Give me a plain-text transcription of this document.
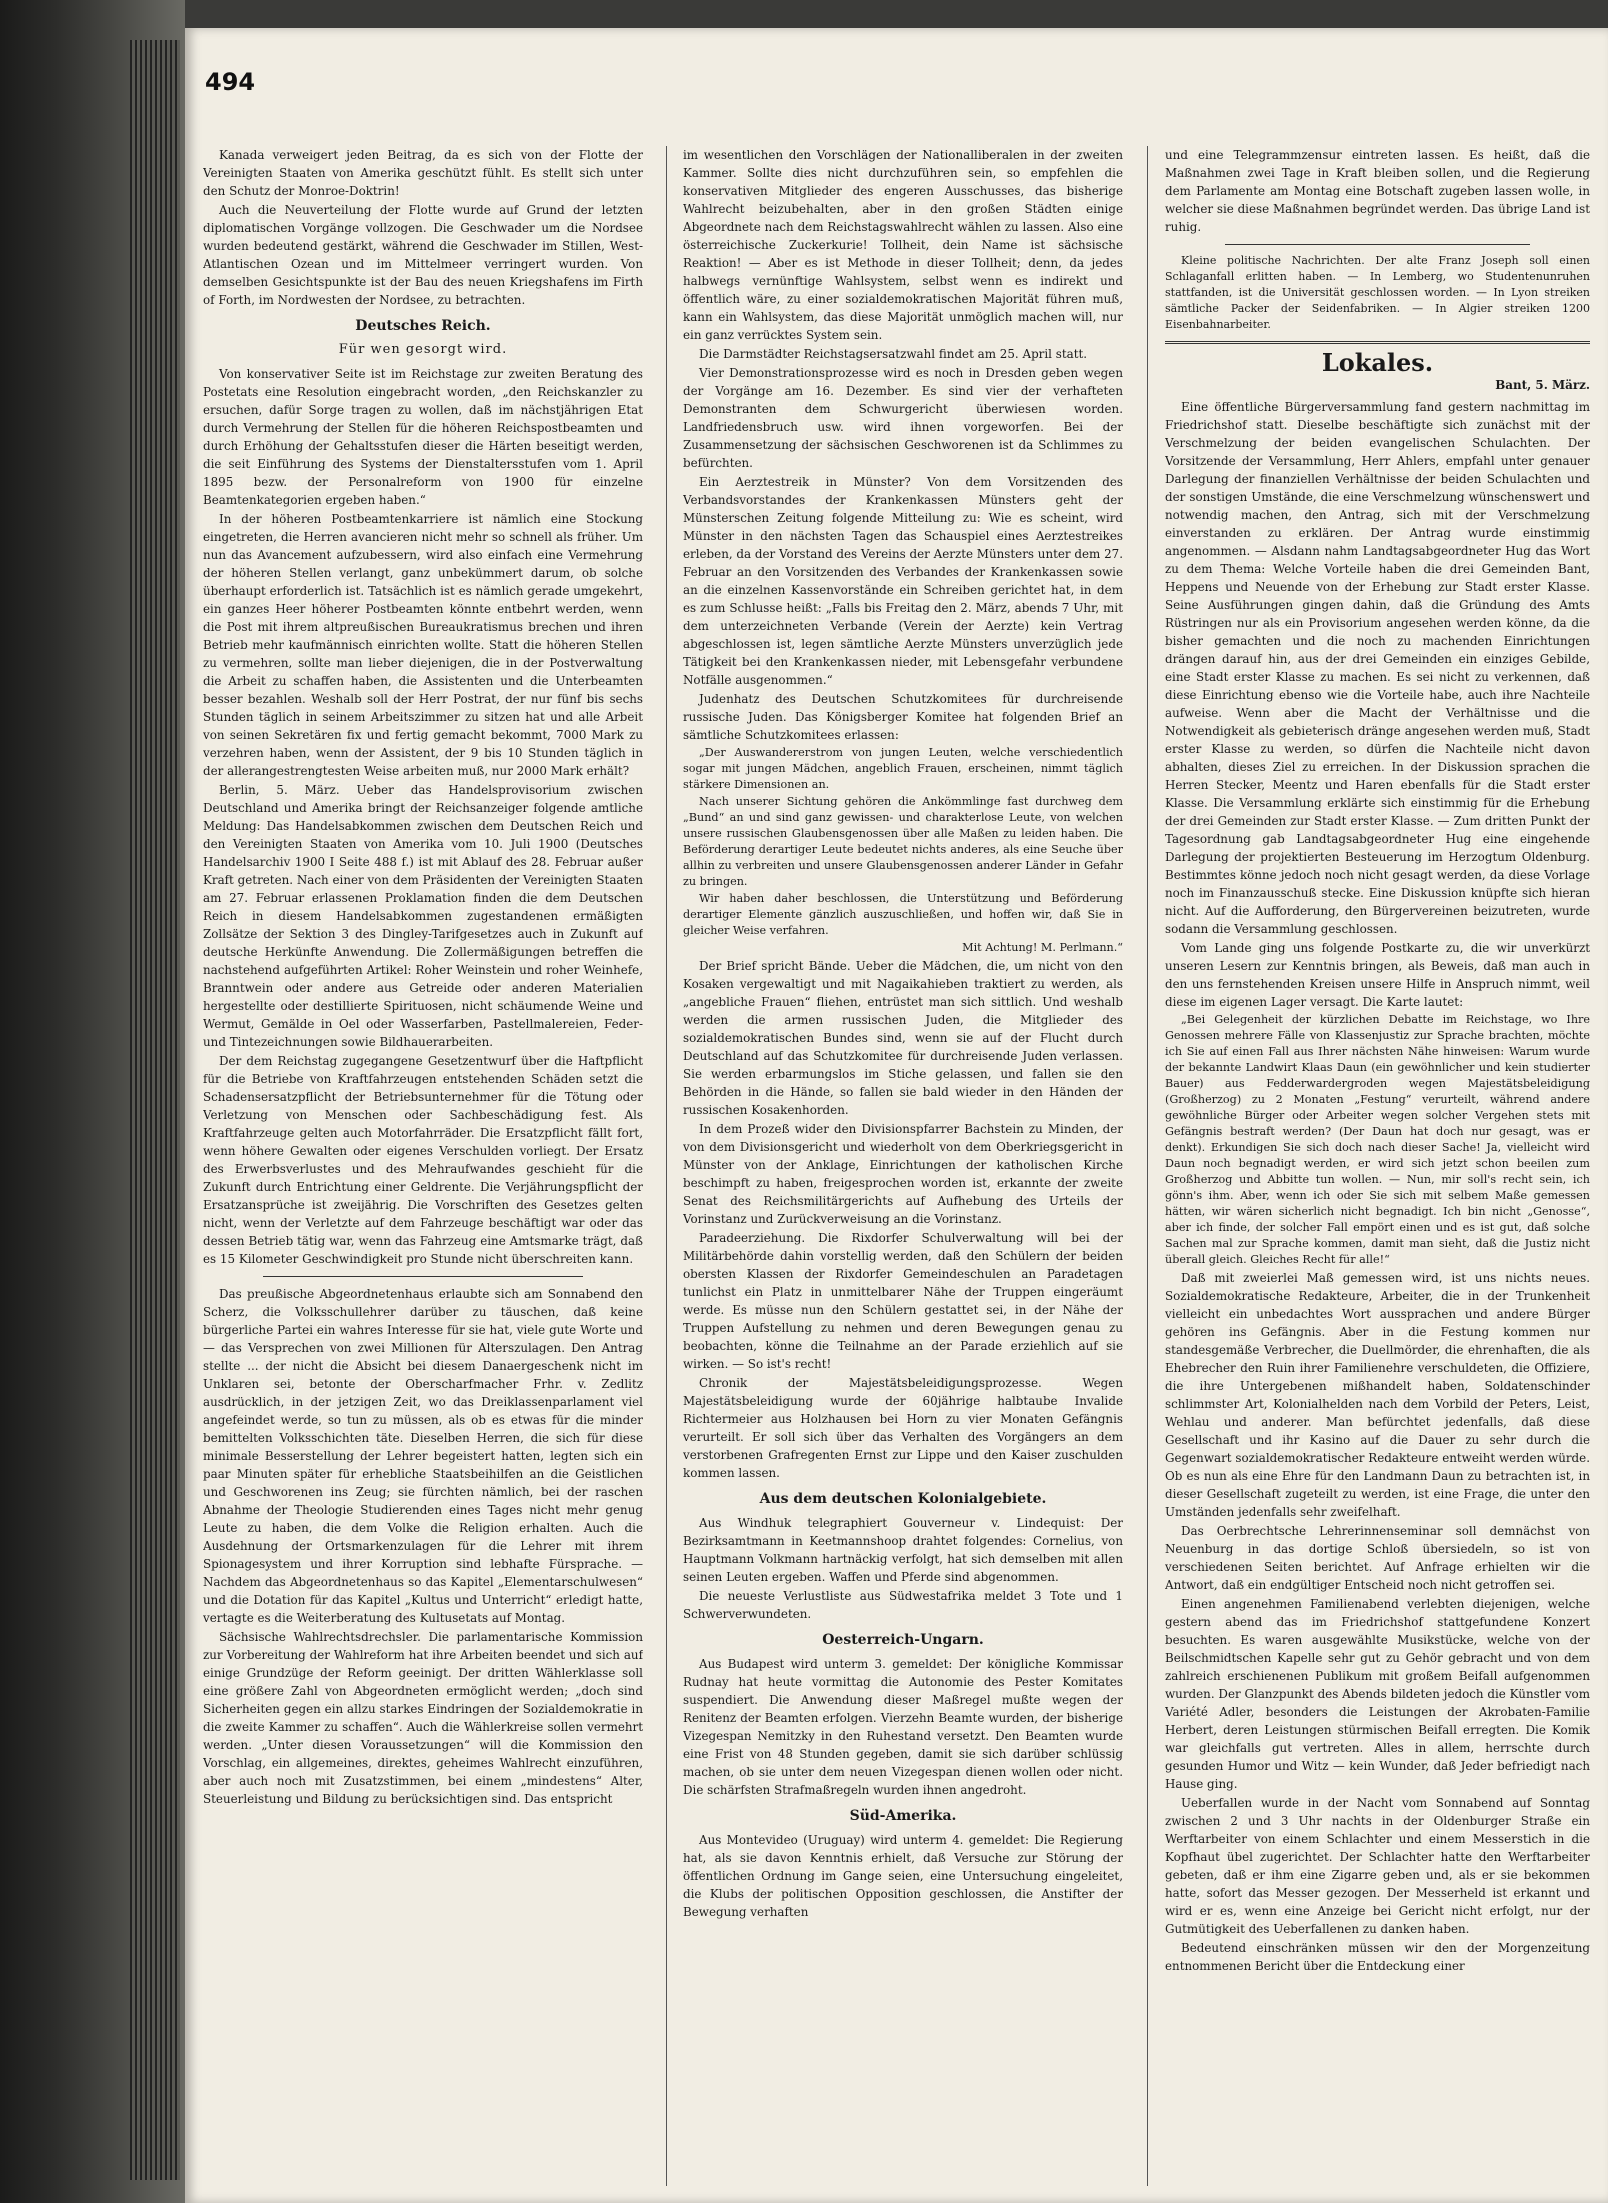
494

Kanada verweigert jeden Beitrag, da es sich von der Flotte der Vereinigten Staaten von Amerika geschützt fühlt. Es stellt sich unter den Schutz der Monroe-Doktrin!

Auch die Neuverteilung der Flotte wurde auf Grund der letzten diplomatischen Vorgänge vollzogen. Die Geschwader um die Nordsee wurden bedeutend gestärkt, während die Geschwader im Stillen, West-Atlantischen Ozean und im Mittelmeer verringert wurden. Von demselben Gesichtspunkte ist der Bau des neuen Kriegshafens im Firth of Forth, im Nordwesten der Nordsee, zu betrachten.

Deutsches Reich.
Für wen gesorgt wird.

Von konservativer Seite ist im Reichstage zur zweiten Beratung des Postetats eine Resolution eingebracht worden, „den Reichskanzler zu ersuchen, dafür Sorge tragen zu wollen, daß im nächstjährigen Etat durch Vermehrung der Stellen für die höheren Reichspostbeamten und durch Erhöhung der Gehaltsstufen dieser die Härten beseitigt werden, die seit Einführung des Systems der Dienstaltersstufen vom 1. April 1895 bezw. der Personalreform von 1900 für einzelne Beamtenkategorien ergeben haben.“

In der höheren Postbeamtenkarriere ist nämlich eine Stockung eingetreten, die Herren avancieren nicht mehr so schnell als früher. Um nun das Avancement aufzubessern, wird also einfach eine Vermehrung der höheren Stellen verlangt, ganz unbekümmert darum, ob solche überhaupt erforderlich ist. Tatsächlich ist es nämlich gerade umgekehrt, ein ganzes Heer höherer Postbeamten könnte entbehrt werden, wenn die Post mit ihrem altpreußischen Bureaukratismus brechen und ihren Betrieb mehr kaufmännisch einrichten wollte. Statt die höheren Stellen zu vermehren, sollte man lieber diejenigen, die in der Postverwaltung die Arbeit zu schaffen haben, die Assistenten und die Unterbeamten besser bezahlen. Weshalb soll der Herr Postrat, der nur fünf bis sechs Stunden täglich in seinem Arbeitszimmer zu sitzen hat und alle Arbeit von seinen Sekretären fix und fertig gemacht bekommt, 7000 Mark zu verzehren haben, wenn der Assistent, der 9 bis 10 Stunden täglich in der allerangestrengtesten Weise arbeiten muß, nur 2000 Mark erhält?

Berlin, 5. März. Ueber das Handelsprovisorium zwischen Deutschland und Amerika bringt der Reichsanzeiger folgende amtliche Meldung: Das Handelsabkommen zwischen dem Deutschen Reich und den Vereinigten Staaten von Amerika vom 10. Juli 1900 (Deutsches Handelsarchiv 1900 I Seite 488 f.) ist mit Ablauf des 28. Februar außer Kraft getreten. Nach einer von dem Präsidenten der Vereinigten Staaten am 27. Februar erlassenen Proklamation finden die dem Deutschen Reich in diesem Handelsabkommen zugestandenen ermäßigten Zollsätze der Sektion 3 des Dingley-Tarifgesetzes auch in Zukunft auf deutsche Herkünfte Anwendung. Die Zollermäßigungen betreffen die nachstehend aufgeführten Artikel: Roher Weinstein und roher Weinhefe, Branntwein oder andere aus Getreide oder anderen Materialien hergestellte oder destillierte Spirituosen, nicht schäumende Weine und Wermut, Gemälde in Oel oder Wasserfarben, Pastellmalereien, Feder- und Tintezeichnungen sowie Bildhauerarbeiten.

Der dem Reichstag zugegangene Gesetzentwurf über die Haftpflicht für die Betriebe von Kraftfahrzeugen entstehenden Schäden setzt die Schadensersatzpflicht der Betriebsunternehmer für die Tötung oder Verletzung von Menschen oder Sachbeschädigung fest. Als Kraftfahrzeuge gelten auch Motorfahrräder. Die Ersatzpflicht fällt fort, wenn höhere Gewalten oder eigenes Verschulden vorliegt. Der Ersatz des Erwerbsverlustes und des Mehraufwandes geschieht für die Zukunft durch Entrichtung einer Geldrente. Die Verjährungspflicht der Ersatzansprüche ist zweijährig. Die Vorschriften des Gesetzes gelten nicht, wenn der Verletzte auf dem Fahrzeuge beschäftigt war oder das dessen Betrieb tätig war, wenn das Fahrzeug eine Amtsmarke trägt, daß es 15 Kilometer Geschwindigkeit pro Stunde nicht überschreiten kann.

Das preußische Abgeordnetenhaus erlaubte sich am Sonnabend den Scherz, die Volksschullehrer darüber zu täuschen, daß keine bürgerliche Partei ein wahres Interesse für sie hat, viele gute Worte und — das Versprechen von zwei Millionen für Alterszulagen. Den Antrag stellte ... der nicht die Absicht bei diesem Danaergeschenk nicht im Unklaren sei, betonte der Oberscharfmacher Frhr. v. Zedlitz ausdrücklich, in der jetzigen Zeit, wo das Dreiklassenparlament viel angefeindet werde, so tun zu müssen, als ob es etwas für die minder bemittelten Volksschichten täte. Dieselben Herren, die sich für diese minimale Besserstellung der Lehrer begeistert hatten, legten sich ein paar Minuten später für erhebliche Staatsbeihilfen an die Geistlichen und Geschworenen ins Zeug; sie fürchten nämlich, bei der raschen Abnahme der Theologie Studierenden eines Tages nicht mehr genug Leute zu haben, die dem Volke die Religion erhalten. Auch die Ausdehnung der Ortsmarkenzulagen für die Lehrer mit ihrem Spionagesystem und ihrer Korruption sind lebhafte Fürsprache. — Nachdem das Abgeordnetenhaus so das Kapitel „Elementarschulwesen“ und die Dotation für das Kapitel „Kultus und Unterricht“ erledigt hatte, vertagte es die Weiterberatung des Kultusetats auf Montag.

Sächsische Wahlrechtsdrechsler. Die parlamentarische Kommission zur Vorbereitung der Wahlreform hat ihre Arbeiten beendet und sich auf einige Grundzüge der Reform geeinigt. Der dritten Wählerklasse soll eine größere Zahl von Abgeordneten ermöglicht werden; „doch sind Sicherheiten gegen ein allzu starkes Eindringen der Sozialdemokratie in die zweite Kammer zu schaffen“. Auch die Wählerkreise sollen vermehrt werden. „Unter diesen Voraussetzungen“ will die Kommission den Vorschlag, ein allgemeines, direktes, geheimes Wahlrecht einzuführen, aber auch noch mit Zusatzstimmen, bei einem „mindestens“ Alter, Steuerleistung und Bildung zu berücksichtigen sind. Das entspricht

im wesentlichen den Vorschlägen der Nationalliberalen in der zweiten Kammer. Sollte dies nicht durchzuführen sein, so empfehlen die konservativen Mitglieder des engeren Ausschusses, das bisherige Wahlrecht beizubehalten, aber in den großen Städten einige Abgeordnete nach dem Reichstagswahlrecht wählen zu lassen. Also eine österreichische Zuckerkurie! Tollheit, dein Name ist sächsische Reaktion! — Aber es ist Methode in dieser Tollheit; denn, da jedes halbwegs vernünftige Wahlsystem, selbst wenn es indirekt und öffentlich wäre, zu einer sozialdemokratischen Majorität führen muß, kann ein Wahlsystem, das diese Majorität unmöglich machen will, nur ein ganz verrücktes System sein.

Die Darmstädter Reichstagsersatzwahl findet am 25. April statt.

Vier Demonstrationsprozesse wird es noch in Dresden geben wegen der Vorgänge am 16. Dezember. Es sind vier der verhafteten Demonstranten dem Schwurgericht überwiesen worden. Landfriedensbruch usw. wird ihnen vorgeworfen. Bei der Zusammensetzung der sächsischen Geschworenen ist da Schlimmes zu befürchten.

Ein Aerztestreik in Münster? Von dem Vorsitzenden des Verbandsvorstandes der Krankenkassen Münsters geht der Münsterschen Zeitung folgende Mitteilung zu: Wie es scheint, wird Münster in den nächsten Tagen das Schauspiel eines Aerztestreikes erleben, da der Vorstand des Vereins der Aerzte Münsters unter dem 27. Februar an den Vorsitzenden des Verbandes der Krankenkassen sowie an die einzelnen Kassenvorstände ein Schreiben gerichtet hat, in dem es zum Schlusse heißt: „Falls bis Freitag den 2. März, abends 7 Uhr, mit dem unterzeichneten Verbande (Verein der Aerzte) kein Vertrag abgeschlossen ist, legen sämtliche Aerzte Münsters unverzüglich jede Tätigkeit bei den Krankenkassen nieder, mit Lebensgefahr verbundene Notfälle ausgenommen.“

Judenhatz des Deutschen Schutzkomitees für durchreisende russische Juden. Das Königsberger Komitee hat folgenden Brief an sämtliche Schutzkomitees erlassen:

„Der Auswandererstrom von jungen Leuten, welche verschiedentlich sogar mit jungen Mädchen, angeblich Frauen, erscheinen, nimmt täglich stärkere Dimensionen an.

Nach unserer Sichtung gehören die Ankömmlinge fast durchweg dem „Bund“ an und sind ganz gewissen- und charakterlose Leute, von welchen unsere russischen Glaubensgenossen über alle Maßen zu leiden haben. Die Beförderung derartiger Leute bedeutet nichts anderes, als eine Seuche über allhin zu verbreiten und unsere Glaubensgenossen anderer Länder in Gefahr zu bringen.

Wir haben daher beschlossen, die Unterstützung und Beförderung derartiger Elemente gänzlich auszuschließen, und hoffen wir, daß Sie in gleicher Weise verfahren.

Mit Achtung! M. Perlmann.“

Der Brief spricht Bände. Ueber die Mädchen, die, um nicht von den Kosaken vergewaltigt und mit Nagaikahieben traktiert zu werden, als „angebliche Frauen“ fliehen, entrüstet man sich sittlich. Und weshalb werden die armen russischen Juden, die Mitglieder des sozialdemokratischen Bundes sind, wenn sie auf der Flucht durch Deutschland auf das Schutzkomitee für durchreisende Juden verlassen. Sie werden erbarmungslos im Stiche gelassen, und fallen sie den Behörden in die Hände, so fallen sie bald wieder in den Händen der russischen Kosakenhorden.

In dem Prozeß wider den Divisionspfarrer Bachstein zu Minden, der von dem Divisionsgericht und wiederholt von dem Oberkriegsgericht in Münster von der Anklage, Einrichtungen der katholischen Kirche beschimpft zu haben, freigesprochen worden ist, erkannte der zweite Senat des Reichsmilitärgerichts auf Aufhebung des Urteils der Vorinstanz und Zurückverweisung an die Vorinstanz.

Paradeerziehung. Die Rixdorfer Schulverwaltung will bei der Militärbehörde dahin vorstellig werden, daß den Schülern der beiden obersten Klassen der Rixdorfer Gemeindeschulen an Paradetagen tunlichst ein Platz in unmittelbarer Nähe der Truppen eingeräumt werde. Es müsse nun den Schülern gestattet sei, in der Nähe der Truppen Aufstellung zu nehmen und deren Bewegungen genau zu beobachten, könne die Teilnahme an der Parade erziehlich auf sie wirken. — So ist's recht!

Chronik der Majestätsbeleidigungsprozesse. Wegen Majestätsbeleidigung wurde der 60jährige halbtaube Invalide Richtermeier aus Holzhausen bei Horn zu vier Monaten Gefängnis verurteilt. Er soll sich über das Verhalten des Vorgängers an dem verstorbenen Grafregenten Ernst zur Lippe und den Kaiser zuschulden kommen lassen.

Aus dem deutschen Kolonialgebiete.

Aus Windhuk telegraphiert Gouverneur v. Lindequist: Der Bezirksamtmann in Keetmannshoop drahtet folgendes: Cornelius, von Hauptmann Volkmann hartnäckig verfolgt, hat sich demselben mit allen seinen Leuten ergeben. Waffen und Pferde sind abgenommen.

Die neueste Verlustliste aus Südwestafrika meldet 3 Tote und 1 Schwerverwundeten.

Oesterreich-Ungarn.

Aus Budapest wird unterm 3. gemeldet: Der königliche Kommissar Rudnay hat heute vormittag die Autonomie des Pester Komitates suspendiert. Die Anwendung dieser Maßregel mußte wegen der Renitenz der Beamten erfolgen. Vierzehn Beamte wurden, der bisherige Vizegespan Nemitzky in den Ruhestand versetzt. Den Beamten wurde eine Frist von 48 Stunden gegeben, damit sie sich darüber schlüssig machen, ob sie unter dem neuen Vizegespan dienen wollen oder nicht. Die schärfsten Strafmaßregeln wurden ihnen angedroht.

Süd-Amerika.

Aus Montevideo (Uruguay) wird unterm 4. gemeldet: Die Regierung hat, als sie davon Kenntnis erhielt, daß Versuche zur Störung der öffentlichen Ordnung im Gange seien, eine Untersuchung eingeleitet, die Klubs der politischen Opposition geschlossen, die Anstifter der Bewegung verhaften

und eine Telegrammzensur eintreten lassen. Es heißt, daß die Maßnahmen zwei Tage in Kraft bleiben sollen, und die Regierung dem Parlamente am Montag eine Botschaft zugeben lassen wolle, in welcher sie diese Maßnahmen begründet werden. Das übrige Land ist ruhig.

Kleine politische Nachrichten. Der alte Franz Joseph soll einen Schlaganfall erlitten haben. — In Lemberg, wo Studentenunruhen stattfanden, ist die Universität geschlossen worden. — In Lyon streiken sämtliche Packer der Seidenfabriken. — In Algier streiken 1200 Eisenbahnarbeiter.

Lokales.
Bant, 5. März.

Eine öffentliche Bürgerversammlung fand gestern nachmittag im Friedrichshof statt. Dieselbe beschäftigte sich zunächst mit der Verschmelzung der beiden evangelischen Schulachten. Der Vorsitzende der Versammlung, Herr Ahlers, empfahl unter genauer Darlegung der finanziellen Verhältnisse der beiden Schulachten und der sonstigen Umstände, die eine Verschmelzung wünschenswert und notwendig machen, den Antrag, sich mit der Verschmelzung einverstanden zu erklären. Der Antrag wurde einstimmig angenommen. — Alsdann nahm Landtagsabgeordneter Hug das Wort zu dem Thema: Welche Vorteile haben die drei Gemeinden Bant, Heppens und Neuende von der Erhebung zur Stadt erster Klasse. Seine Ausführungen gingen dahin, daß die Gründung des Amts Rüstringen nur als ein Provisorium angesehen werden könne, da die bisher gemachten und die noch zu machenden Einrichtungen drängen darauf hin, aus der drei Gemeinden ein einziges Gebilde, eine Stadt erster Klasse zu machen. Es sei nicht zu verkennen, daß diese Einrichtung ebenso wie die Vorteile habe, auch ihre Nachteile aufweise. Wenn aber die Macht der Verhältnisse und die Notwendigkeit als gebieterisch dränge angesehen werden muß, Stadt erster Klasse zu werden, so dürfen die Nachteile nicht davon abhalten, dieses Ziel zu erreichen. In der Diskussion sprachen die Herren Stecker, Meentz und Haren ebenfalls für die Stadt erster Klasse. Die Versammlung erklärte sich einstimmig für die Erhebung der drei Gemeinden zur Stadt erster Klasse. — Zum dritten Punkt der Tagesordnung gab Landtagsabgeordneter Hug eine eingehende Darlegung der projektierten Besteuerung im Herzogtum Oldenburg. Bestimmtes könne jedoch noch nicht gesagt werden, da diese Vorlage noch im Finanzausschuß stecke. Eine Diskussion knüpfte sich hieran nicht. Auf die Aufforderung, den Bürgervereinen beizutreten, wurde sodann die Versammlung geschlossen.

Vom Lande ging uns folgende Postkarte zu, die wir unverkürzt unseren Lesern zur Kenntnis bringen, als Beweis, daß man auch in den uns fernstehenden Kreisen unsere Hilfe in Anspruch nimmt, weil diese im eigenen Lager versagt. Die Karte lautet:

„Bei Gelegenheit der kürzlichen Debatte im Reichstage, wo Ihre Genossen mehrere Fälle von Klassenjustiz zur Sprache brachten, möchte ich Sie auf einen Fall aus Ihrer nächsten Nähe hinweisen: Warum wurde der bekannte Landwirt Klaas Daun (ein gewöhnlicher und kein studierter Bauer) aus Fedderwardergroden wegen Majestätsbeleidigung (Großherzog) zu 2 Monaten „Festung“ verurteilt, während andere gewöhnliche Bürger oder Arbeiter wegen solcher Vergehen stets mit Gefängnis bestraft werden? (Der Daun hat doch nur gesagt, was er denkt). Erkundigen Sie sich doch nach dieser Sache! Ja, vielleicht wird Daun noch begnadigt werden, er wird sich jetzt schon beeilen zum Großherzog und Abbitte tun wollen. — Nun, mir soll's recht sein, ich gönn's ihm. Aber, wenn ich oder Sie sich mit selbem Maße gemessen hätten, wir wären sicherlich nicht begnadigt. Ich bin nicht „Genosse“, aber ich finde, der solcher Fall empört einen und es ist gut, daß solche Sachen mal zur Sprache kommen, damit man sieht, daß die Justiz nicht überall gleich. Gleiches Recht für alle!“

Daß mit zweierlei Maß gemessen wird, ist uns nichts neues. Sozialdemokratische Redakteure, Arbeiter, die in der Trunkenheit vielleicht ein unbedachtes Wort aussprachen und andere Bürger gehören ins Gefängnis. Aber in die Festung kommen nur standesgemäße Verbrecher, die Duellmörder, die ehrenhaften, die als Ehebrecher den Ruin ihrer Familienehre verschuldeten, die Offiziere, die ihre Untergebenen mißhandelt haben, Soldatenschinder schlimmster Art, Kolonialhelden nach dem Vorbild der Peters, Leist, Wehlau und anderer. Man befürchtet jedenfalls, daß diese Gesellschaft und ihr Kasino auf die Dauer zu sehr durch die Gegenwart sozialdemokratischer Redakteure entweiht werden würde. Ob es nun als eine Ehre für den Landmann Daun zu betrachten ist, in dieser Gesellschaft zugeteilt zu werden, ist eine Frage, die unter den Umständen jedenfalls sehr zweifelhaft.

Das Oerbrechtsche Lehrerinnenseminar soll demnächst von Neuenburg in das dortige Schloß übersiedeln, so ist von verschiedenen Seiten berichtet. Auf Anfrage erhielten wir die Antwort, daß ein endgültiger Entscheid noch nicht getroffen sei.

Einen angenehmen Familienabend verlebten diejenigen, welche gestern abend das im Friedrichshof stattgefundene Konzert besuchten. Es waren ausgewählte Musikstücke, welche von der Beilschmidtschen Kapelle sehr gut zu Gehör gebracht und von dem zahlreich erschienenen Publikum mit großem Beifall aufgenommen wurden. Der Glanzpunkt des Abends bildeten jedoch die Künstler vom Variété Adler, besonders die Leistungen der Akrobaten-Familie Herbert, deren Leistungen stürmischen Beifall erregten. Die Komik war gleichfalls gut vertreten. Alles in allem, herrschte durch gesunden Humor und Witz — kein Wunder, daß Jeder befriedigt nach Hause ging.

Ueberfallen wurde in der Nacht vom Sonnabend auf Sonntag zwischen 2 und 3 Uhr nachts in der Oldenburger Straße ein Werftarbeiter von einem Schlachter und einem Messerstich in die Kopfhaut übel zugerichtet. Der Schlachter hatte den Werftarbeiter gebeten, daß er ihm eine Zigarre geben und, als er sie bekommen hatte, sofort das Messer gezogen. Der Messerheld ist erkannt und wird er es, wenn eine Anzeige bei Gericht nicht erfolgt, nur der Gutmütigkeit des Ueberfallenen zu danken haben.

Bedeutend einschränken müssen wir den der Morgenzeitung entnommenen Bericht über die Entdeckung einer
